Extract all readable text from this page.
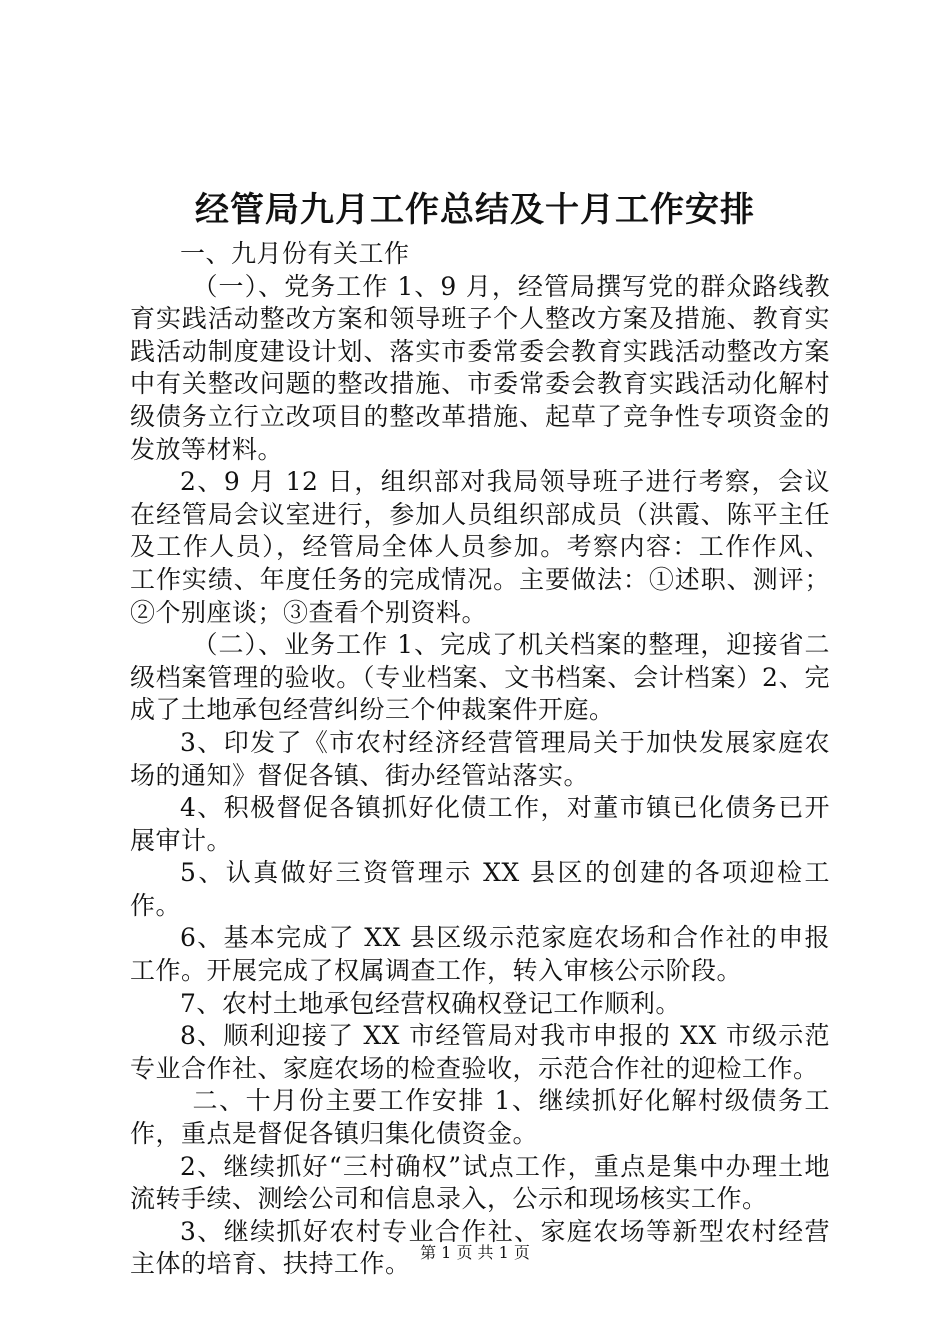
经管局九月工作总结及十月工作安排

一、九月份有关工作

（一）、党务工作 1、9 月，经管局撰写党的群众路线教育实践活动整改方案和领导班子个人整改方案及措施、教育实践活动制度建设计划、落实市委常委会教育实践活动整改方案中有关整改问题的整改措施、市委常委会教育实践活动化解村级债务立行立改项目的整改革措施、起草了竞争性专项资金的发放等材料。

2、9 月 12 日，组织部对我局领导班子进行考察，会议在经管局会议室进行，参加人员组织部成员（洪霞、陈平主任及工作人员），经管局全体人员参加。考察内容：工作作风、工作实绩、年度任务的完成情况。主要做法：①述职、测评；②个别座谈；③查看个别资料。

（二）、业务工作 1、完成了机关档案的整理，迎接省二级档案管理的验收。（专业档案、文书档案、会计档案）2、完成了土地承包经营纠纷三个仲裁案件开庭。

3、印发了《市农村经济经营管理局关于加快发展家庭农场的通知》督促各镇、街办经管站落实。

4、积极督促各镇抓好化债工作，对董市镇已化债务已开展审计。

5、认真做好三资管理示 XX 县区的创建的各项迎检工作。

6、基本完成了 XX 县区级示范家庭农场和合作社的申报工作。开展完成了权属调查工作，转入审核公示阶段。

7、农村土地承包经营权确权登记工作顺利。

8、顺利迎接了 XX 市经管局对我市申报的 XX 市级示范专业合作社、家庭农场的检查验收，示范合作社的迎检工作。

二、十月份主要工作安排 1、继续抓好化解村级债务工作，重点是督促各镇归集化债资金。

2、继续抓好“三村确权”试点工作，重点是集中办理土地流转手续、测绘公司和信息录入，公示和现场核实工作。

3、继续抓好农村专业合作社、家庭农场等新型农村经营主体的培育、扶持工作。 第 1 页 共 1 页
